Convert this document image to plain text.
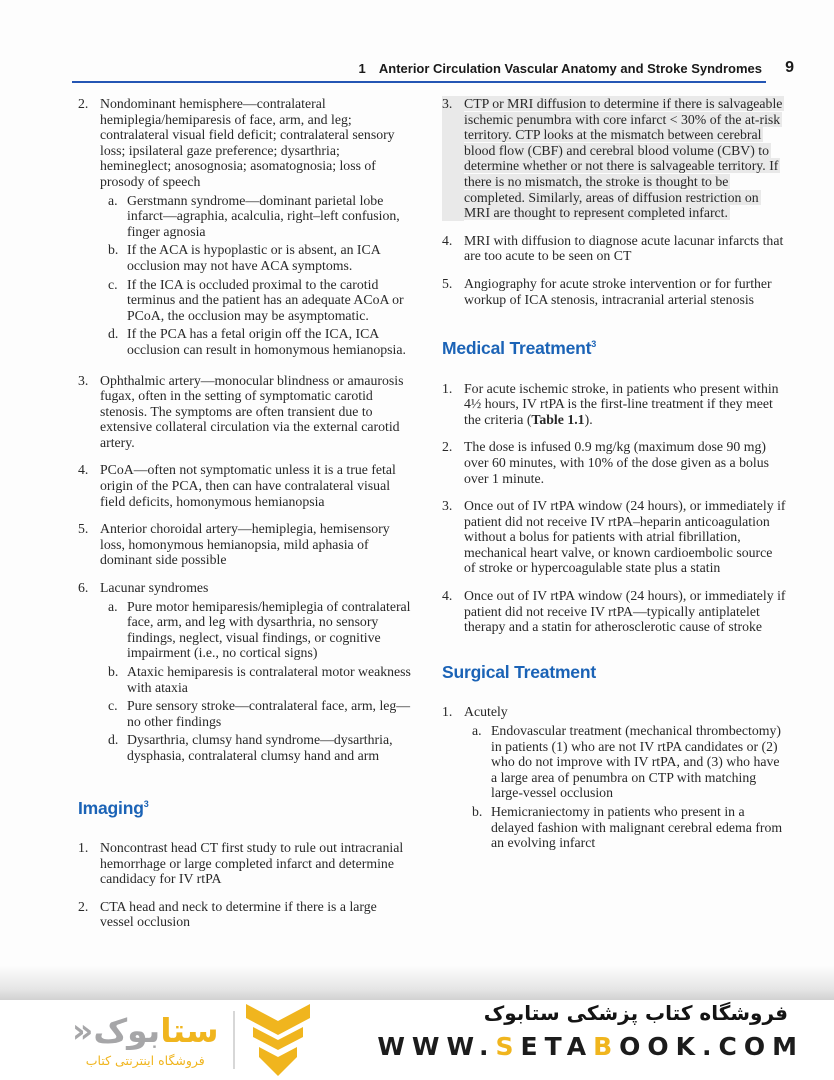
1 Anterior Circulation Vascular Anatomy and Stroke Syndromes 9
2. Nondominant hemisphere—contralateral hemiplegia/hemiparesis of face, arm, and leg; contralateral visual field deficit; contralateral sensory loss; ipsilateral gaze preference; dysarthria; hemineglect; anosognosia; asomatognosia; loss of prosody of speech
a. Gerstmann syndrome—dominant parietal lobe infarct—agraphia, acalculia, right–left confusion, finger agnosia
b. If the ACA is hypoplastic or is absent, an ICA occlusion may not have ACA symptoms.
c. If the ICA is occluded proximal to the carotid terminus and the patient has an adequate ACoA or PCoA, the occlusion may be asymptomatic.
d. If the PCA has a fetal origin off the ICA, ICA occlusion can result in homonymous hemianopsia.
3. Ophthalmic artery—monocular blindness or amaurosis fugax, often in the setting of symptomatic carotid stenosis. The symptoms are often transient due to extensive collateral circulation via the external carotid artery.
4. PCoA—often not symptomatic unless it is a true fetal origin of the PCA, then can have contralateral visual field deficits, homonymous hemianopsia
5. Anterior choroidal artery—hemiplegia, hemisensory loss, homonymous hemianopsia, mild aphasia of dominant side possible
6. Lacunar syndromes
a. Pure motor hemiparesis/hemiplegia of contralateral face, arm, and leg with dysarthria, no sensory findings, neglect, visual findings, or cognitive impairment (i.e., no cortical signs)
b. Ataxic hemiparesis is contralateral motor weakness with ataxia
c. Pure sensory stroke—contralateral face, arm, leg—no other findings
d. Dysarthria, clumsy hand syndrome—dysarthria, dysphasia, contralateral clumsy hand and arm
Imaging$^3$
1. Noncontrast head CT first study to rule out intracranial hemorrhage or large completed infarct and determine candidacy for IV rtPA
2. CTA head and neck to determine if there is a large vessel occlusion
3. CTP or MRI diffusion to determine if there is salvageable ischemic penumbra with core infarct < 30% of the at-risk territory. CTP looks at the mismatch between cerebral blood flow (CBF) and cerebral blood volume (CBV) to determine whether or not there is salvageable territory. If there is no mismatch, the stroke is thought to be completed. Similarly, areas of diffusion restriction on MRI are thought to represent completed infarct.
4. MRI with diffusion to diagnose acute lacunar infarcts that are too acute to be seen on CT
5. Angiography for acute stroke intervention or for further workup of ICA stenosis, intracranial arterial stenosis
Medical Treatment$^3$
1. For acute ischemic stroke, in patients who present within 4½ hours, IV rtPA is the first-line treatment if they meet the criteria (Table 1.1).
2. The dose is infused 0.9 mg/kg (maximum dose 90 mg) over 60 minutes, with 10% of the dose given as a bolus over 1 minute.
3. Once out of IV rtPA window (24 hours), or immediately if patient did not receive IV rtPA–heparin anticoagulation without a bolus for patients with atrial fibrillation, mechanical heart valve, or known cardioembolic source of stroke or hypercoagulable state plus a statin
4. Once out of IV rtPA window (24 hours), or immediately if patient did not receive IV rtPA—typically antiplatelet therapy and a statin for atherosclerotic cause of stroke
Surgical Treatment
1. Acutely
a. Endovascular treatment (mechanical thrombectomy) in patients (1) who are not IV rtPA candidates or (2) who do not improve with IV rtPA, and (3) who have a large area of penumbra on CTP with matching large-vessel occlusion
b. Hemicraniectomy in patients who present in a delayed fashion with malignant cerebral edema from an evolving infarct
ستابوک«
فروشگاه اینترنتی کتاب
فروشگاه کتاب پزشکی ستابوک
WWW.SETABOOK.COM
